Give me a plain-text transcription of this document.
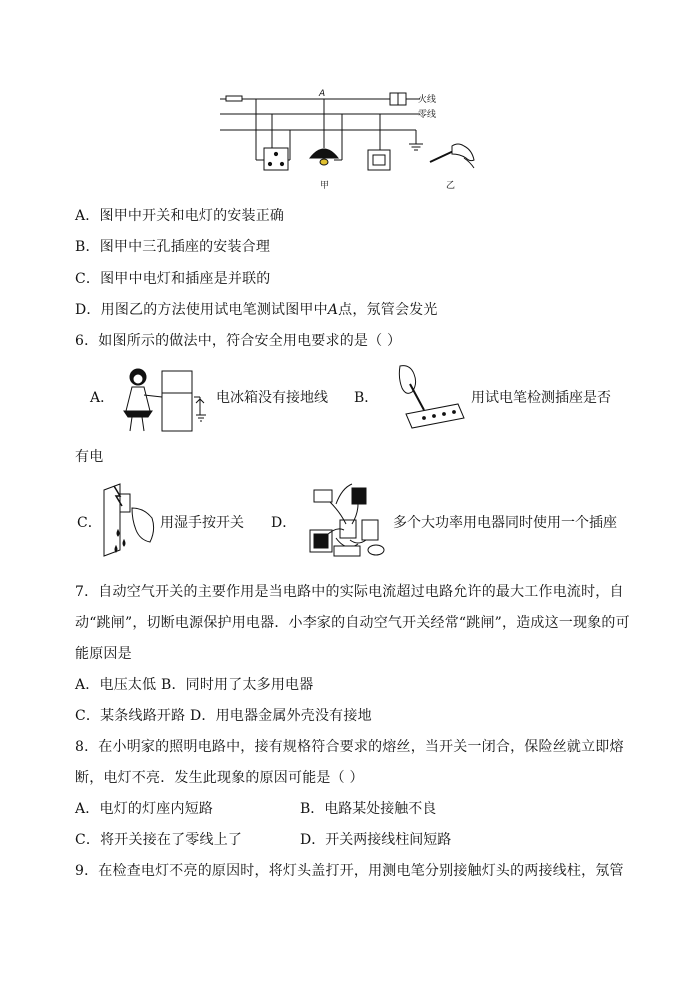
A
火线
零线
甲	乙
A．图甲中开关和电灯的安装正确
B．图甲中三孔插座的安装合理
C．图甲中电灯和插座是并联的
D．用图乙的方法使用试电笔测试图甲中A点，氖管会发光
6．如图所示的做法中，符合安全用电要求的是（ ）
A．	电冰箱没有接地线 B．	用试电笔检测插座是否
有电
C．	用湿手按开关 D．	多个大功率用电器同时使用一个插座
7．自动空气开关的主要作用是当电路中的实际电流超过电路允许的最大工作电流时，自
动“跳闸”，切断电源保护用电器．小李家的自动空气开关经常“跳闸”，造成这一现象的可
能原因是
A．电压太低 B．同时用了太多用电器
C．某条线路开路 D．用电器金属外壳没有接地
8．在小明家的照明电路中，接有规格符合要求的熔丝，当开关一闭合，保险丝就立即熔
断，电灯不亮．发生此现象的原因可能是（ ）
A．电灯的灯座内短路	B．电路某处接触不良
C．将开关接在了零线上了	D．开关两接线柱间短路
9．在检查电灯不亮的原因时，将灯头盖打开，用测电笔分别接触灯头的两接线柱，氖管
